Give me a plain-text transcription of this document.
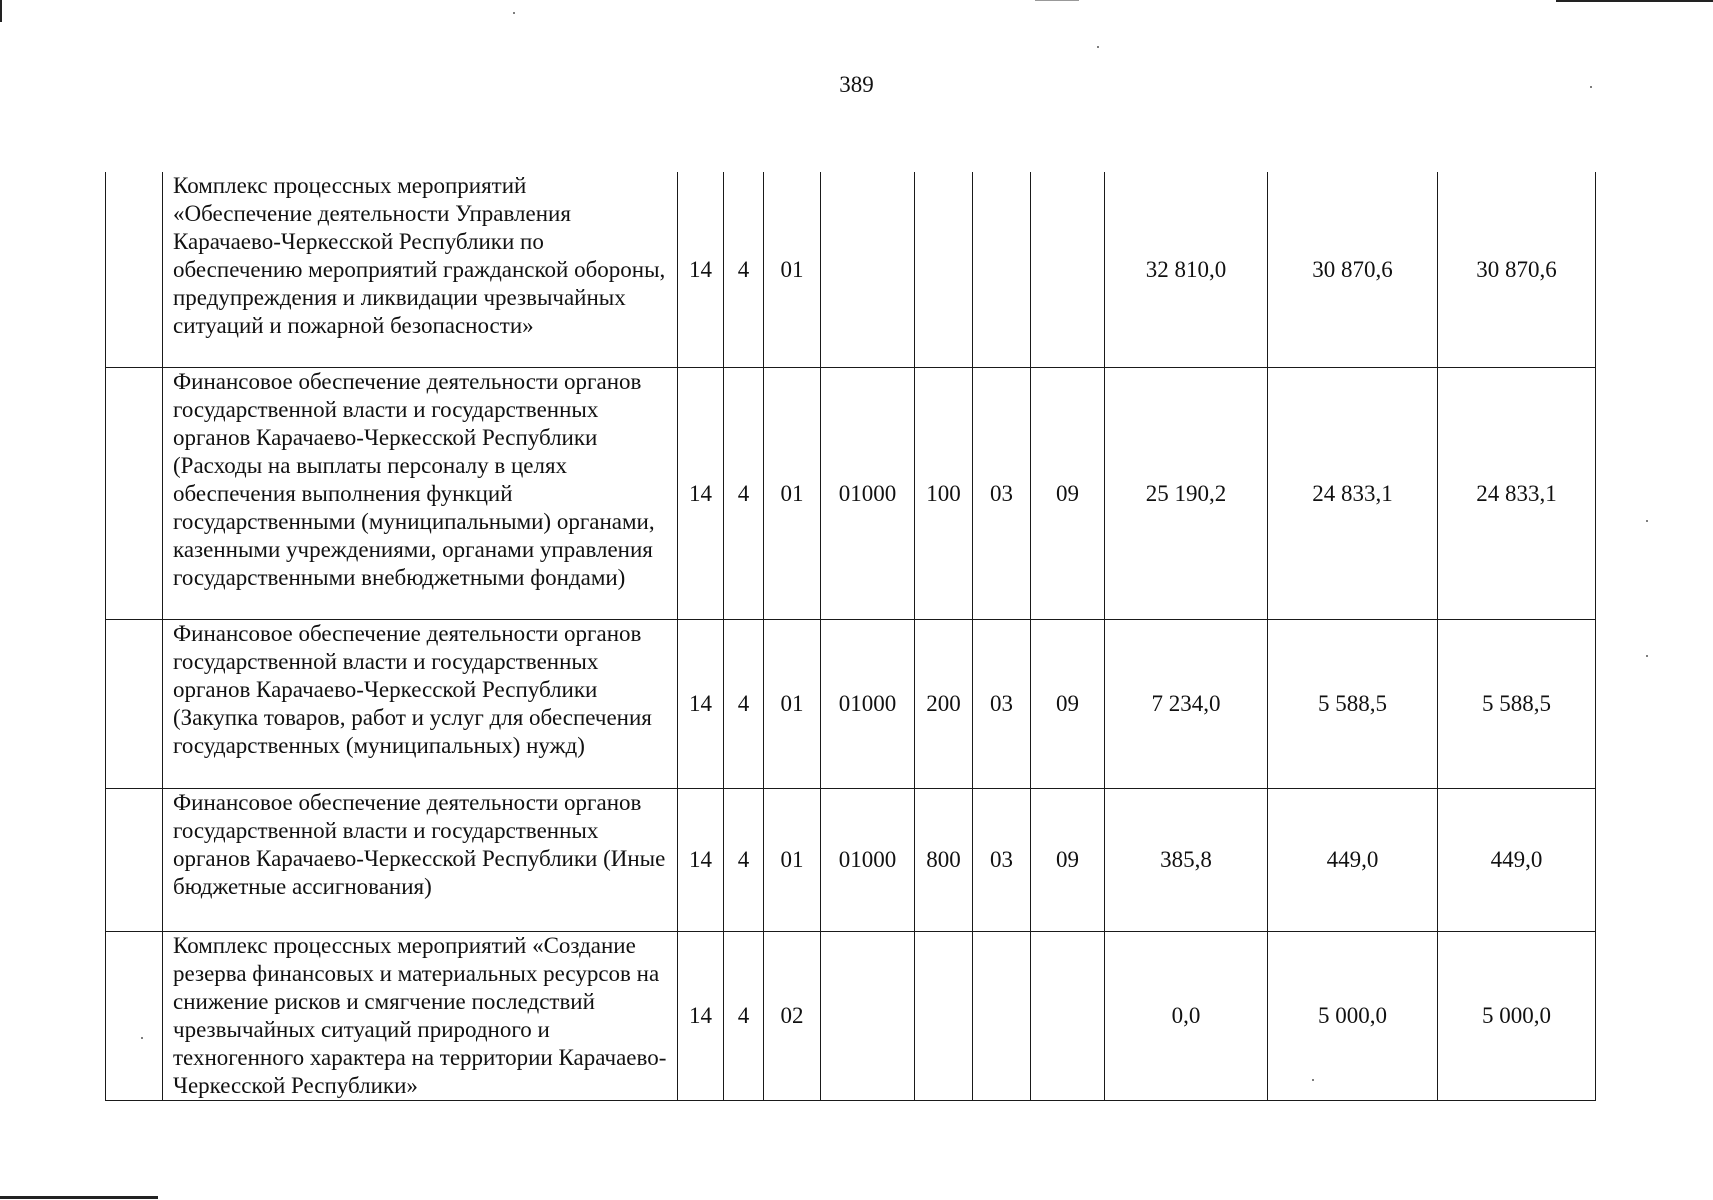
389
	Комплекс процессных мероприятий «Обеспечение деятельности Управления Карачаево-Черкесской Республики по обеспечению мероприятий гражданской обороны, предупреждения и ликвидации чрезвычайных ситуаций и пожарной безопасности»	14	4	01					32 810,0	30 870,6	30 870,6
	Финансовое обеспечение деятельности органов государственной власти и государственных органов Карачаево-Черкесской Республики (Расходы на выплаты персоналу в целях обеспечения выполнения функций государственными (муниципальными) органами, казенными учреждениями, органами управления государственными внебюджетными фондами)	14	4	01	01000	100	03	09	25 190,2	24 833,1	24 833,1
	Финансовое обеспечение деятельности органов государственной власти и государственных органов Карачаево-Черкесской Республики (Закупка товаров, работ и услуг для обеспечения государственных (муниципальных) нужд)	14	4	01	01000	200	03	09	7 234,0	5 588,5	5 588,5
	Финансовое обеспечение деятельности органов государственной власти и государственных органов Карачаево-Черкесской Республики (Иные бюджетные ассигнования)	14	4	01	01000	800	03	09	385,8	449,0	449,0
	Комплекс процессных мероприятий «Создание резерва финансовых и материальных ресурсов на снижение рисков и смягчение последствий чрезвычайных ситуаций природного и техногенного характера на территории Карачаево-Черкесской Республики»	14	4	02					0,0	5 000,0	5 000,0
